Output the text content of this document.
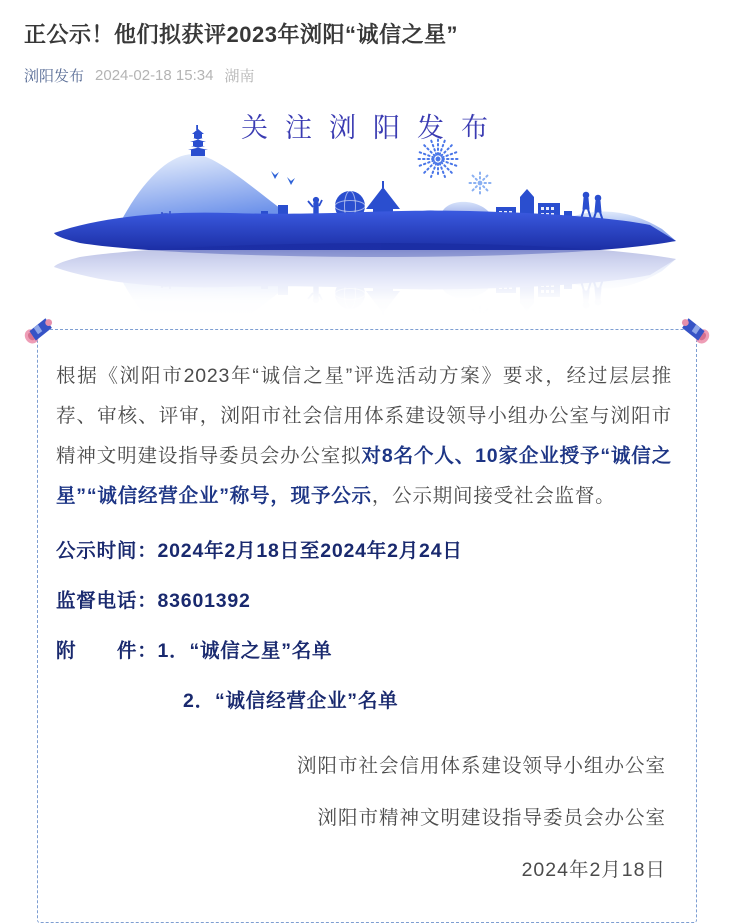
正公示！他们拟获评2023年浏阳“诚信之星”
浏阳发布 2024-02-18 15:34 湖南
关注浏阳发布

根据《浏阳市2023年“诚信之星”评选活动方案》要求，经过层层推荐、审核、评审，浏阳市社会信用体系建设领导小组办公室与浏阳市精神文明建设指导委员会办公室拟对8名个人、10家企业授予“诚信之星”“诚信经营企业”称号，现予公示，公示期间接受社会监督。

公示时间：2024年2月18日至2024年2月24日
监督电话：83601392
附　　件：1．“诚信之星”名单
2．“诚信经营企业”名单
浏阳市社会信用体系建设领导小组办公室
浏阳市精神文明建设指导委员会办公室
2024年2月18日
